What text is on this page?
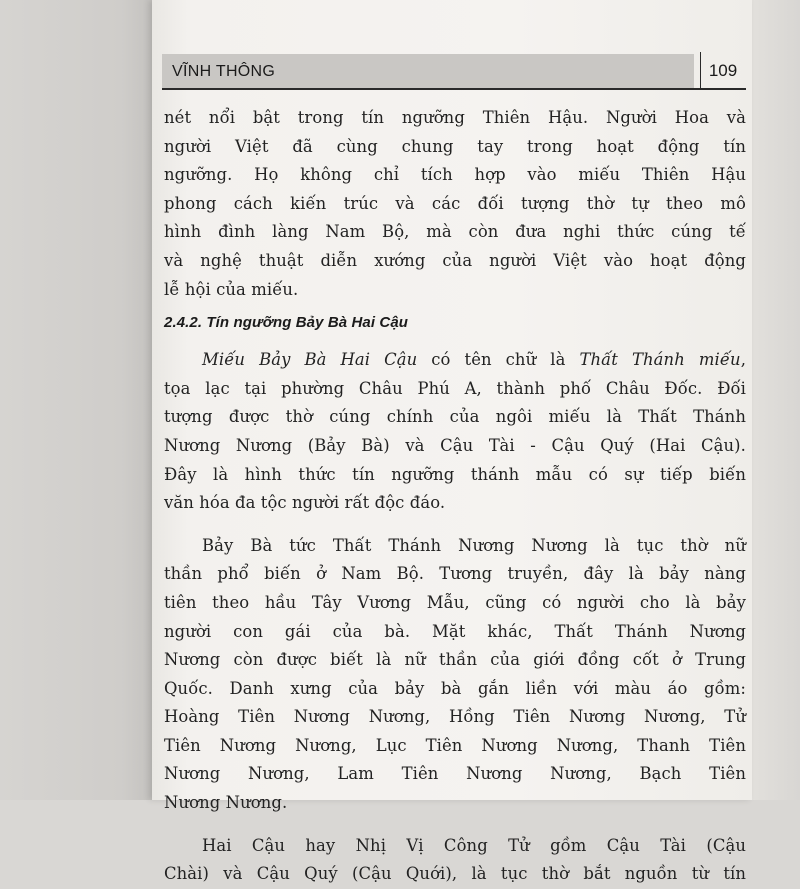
VĨNH THÔNG	109
nét nổi bật trong tín ngưỡng Thiên Hậu. Người Hoa và
người Việt đã cùng chung tay trong hoạt động tín
ngưỡng. Họ không chỉ tích hợp vào miếu Thiên Hậu
phong cách kiến trúc và các đối tượng thờ tự theo mô
hình đình làng Nam Bộ, mà còn đưa nghi thức cúng tế
và nghệ thuật diễn xướng của người Việt vào hoạt động
lễ hội của miếu.
2.4.2. Tín ngưỡng Bảy Bà Hai Cậu
Miếu Bảy Bà Hai Cậu có tên chữ là Thất Thánh miếu,
tọa lạc tại phường Châu Phú A, thành phố Châu Đốc. Đối
tượng được thờ cúng chính của ngôi miếu là Thất Thánh
Nương Nương (Bảy Bà) và Cậu Tài - Cậu Quý (Hai Cậu).
Đây là hình thức tín ngưỡng thánh mẫu có sự tiếp biến
văn hóa đa tộc người rất độc đáo.
Bảy Bà tức Thất Thánh Nương Nương là tục thờ nữ
thần phổ biến ở Nam Bộ. Tương truyền, đây là bảy nàng
tiên theo hầu Tây Vương Mẫu, cũng có người cho là bảy
người con gái của bà. Mặt khác, Thất Thánh Nương
Nương còn được biết là nữ thần của giới đồng cốt ở Trung
Quốc. Danh xưng của bảy bà gắn liền với màu áo gồm:
Hoàng Tiên Nương Nương, Hồng Tiên Nương Nương, Tử
Tiên Nương Nương, Lục Tiên Nương Nương, Thanh Tiên
Nương Nương, Lam Tiên Nương Nương, Bạch Tiên
Nương Nương.
Hai Cậu hay Nhị Vị Công Tử gồm Cậu Tài (Cậu
Chài) và Cậu Quý (Cậu Quới), là tục thờ bắt nguồn từ tín
